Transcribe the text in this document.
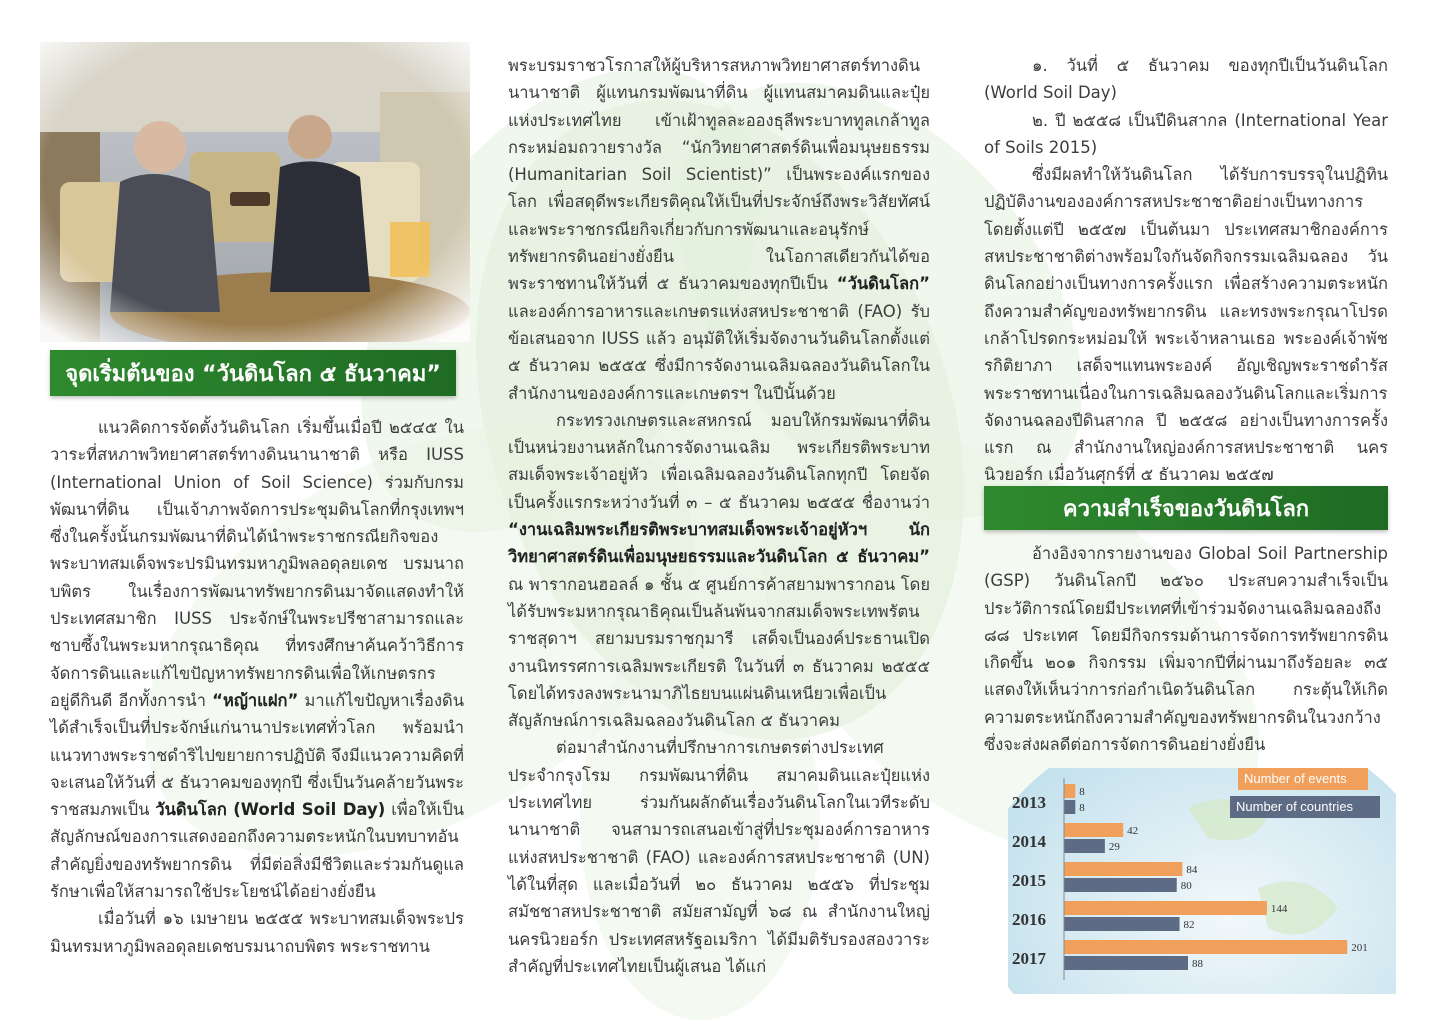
จุดเริ่มต้นของ “วันดินโลก ๕ ธันวาคม”
ความสำเร็จของวันดินโลก

แนวคิดการจัดตั้งวันดินโลก เริ่มขึ้นเมื่อปี ๒๕๔๕ ในวาระที่สหภาพวิทยาศาสตร์ทางดินนานาชาติ หรือ IUSS (International Union of Soil Science) ร่วมกับกรมพัฒนาที่ดิน เป็นเจ้าภาพจัดการประชุมดินโลกที่กรุงเทพฯ ซึ่งในครั้งนั้นกรมพัฒนาที่ดินได้นำพระราชกรณียกิจของพระบาทสมเด็จพระปรมินทรมหาภูมิพลอดุลยเดช บรมนาถบพิตร ในเรื่องการพัฒนาทรัพยากรดินมาจัดแสดงทำให้ประเทศสมาชิก IUSS ประจักษ์ในพระปรีชาสามารถและซาบซึ้งในพระมหากรุณาธิคุณ ที่ทรงศึกษาค้นคว้าวิธีการจัดการดินและแก้ไขปัญหาทรัพยากรดินเพื่อให้เกษตรกรอยู่ดีกินดี อีกทั้งการนำ “หญ้าแฝก” มาแก้ไขปัญหาเรื่องดินได้สำเร็จเป็นที่ประจักษ์แก่นานาประเทศทั่วโลก พร้อมนำแนวทางพระราชดำริไปขยายการปฏิบัติ จึงมีแนวความคิดที่จะเสนอให้วันที่ ๕ ธันวาคมของทุกปี ซึ่งเป็นวันคล้ายวันพระราชสมภพเป็น วันดินโลก (World Soil Day) เพื่อให้เป็นสัญลักษณ์ของการแสดงออกถึงความตระหนักในบทบาทอันสำคัญยิ่งของทรัพยากรดิน ที่มีต่อสิ่งมีชีวิตและร่วมกันดูแลรักษาเพื่อให้สามารถใช้ประโยชน์ได้อย่างยั่งยืน

เมื่อวันที่ ๑๖ เมษายน ๒๕๕๕ พระบาทสมเด็จพระปรมินทรมหาภูมิพลอดุลยเดชบรมนาถบพิตร พระราชทาน

พระบรมราชวโรกาสให้ผู้บริหารสหภาพวิทยาศาสตร์ทางดินนานาชาติ ผู้แทนกรมพัฒนาที่ดิน ผู้แทนสมาคมดินและปุ๋ยแห่งประเทศไทย เข้าเฝ้าทูลละอองธุลีพระบาททูลเกล้าทูลกระหม่อมถวายรางวัล “นักวิทยาศาสตร์ดินเพื่อมนุษยธรรม (Humanitarian Soil Scientist)” เป็นพระองค์แรกของโลก เพื่อสดุดีพระเกียรติคุณให้เป็นที่ประจักษ์ถึงพระวิสัยทัศน์และพระราชกรณียกิจเกี่ยวกับการพัฒนาและอนุรักษ์ทรัพยากรดินอย่างยั่งยืน ในโอกาสเดียวกันได้ขอพระราชทานให้วันที่ ๕ ธันวาคมของทุกปีเป็น “วันดินโลก” และองค์การอาหารและเกษตรแห่งสหประชาชาติ (FAO) รับข้อเสนอจาก IUSS แล้ว อนุมัติให้เริ่มจัดงานวันดินโลกตั้งแต่ ๕ ธันวาคม ๒๕๕๕ ซึ่งมีการจัดงานเฉลิมฉลองวันดินโลกในสำนักงานขององค์การและเกษตรฯ ในปีนั้นด้วย

กระทรวงเกษตรและสหกรณ์ มอบให้กรมพัฒนาที่ดินเป็นหน่วยงานหลักในการจัดงานเฉลิม พระเกียรติพระบาทสมเด็จพระเจ้าอยู่หัว เพื่อเฉลิมฉลองวันดินโลกทุกปี โดยจัดเป็นครั้งแรกระหว่างวันที่ ๓ – ๕ ธันวาคม ๒๕๕๕ ชื่องานว่า “งานเฉลิมพระเกียรติพระบาทสมเด็จพระเจ้าอยู่หัวฯ นักวิทยาศาสตร์ดินเพื่อมนุษยธรรมและวันดินโลก ๕ ธันวาคม” ณ พารากอนฮอลล์ ๑ ชั้น ๕ ศูนย์การค้าสยามพารากอน โดยได้รับพระมหากรุณาธิคุณเป็นล้นพ้นจากสมเด็จพระเทพรัตนราชสุดาฯ สยามบรมราชกุมารี เสด็จเป็นองค์ประธานเปิดงานนิทรรศการเฉลิมพระเกียรติ ในวันที่ ๓ ธันวาคม ๒๕๕๕ โดยได้ทรงลงพระนามาภิไธยบนแผ่นดินเหนียวเพื่อเป็นสัญลักษณ์การเฉลิมฉลองวันดินโลก ๕ ธันวาคม

ต่อมาสำนักงานที่ปรึกษาการเกษตรต่างประเทศประจำกรุงโรม กรมพัฒนาที่ดิน สมาคมดินและปุ๋ยแห่งประเทศไทย ร่วมกันผลักดันเรื่องวันดินโลกในเวทีระดับนานาชาติ จนสามารถเสนอเข้าสู่ที่ประชุมองค์การอาหารแห่งสหประชาชาติ (FAO) และองค์การสหประชาชาติ (UN) ได้ในที่สุด และเมื่อวันที่ ๒๐ ธันวาคม ๒๕๕๖ ที่ประชุมสมัชชาสหประชาชาติ สมัยสามัญที่ ๖๘ ณ สำนักงานใหญ่นครนิวยอร์ก ประเทศสหรัฐอเมริกา ได้มีมติรับรองสองวาระสำคัญที่ประเทศไทยเป็นผู้เสนอ ได้แก่

๑. วันที่ ๕ ธันวาคม ของทุกปีเป็นวันดินโลก (World Soil Day)

๒. ปี ๒๕๕๘ เป็นปีดินสากล (International Year of Soils 2015)

ซึ่งมีผลทำให้วันดินโลก ได้รับการบรรจุในปฏิทินปฏิบัติงานขององค์การสหประชาชาติอย่างเป็นทางการ โดยตั้งแต่ปี ๒๕๕๗ เป็นต้นมา ประเทศสมาชิกองค์การสหประชาชาติต่างพร้อมใจกันจัดกิจกรรมเฉลิมฉลอง วันดินโลกอย่างเป็นทางการครั้งแรก เพื่อสร้างความตระหนักถึงความสำคัญของทรัพยากรดิน และทรงพระกรุณาโปรดเกล้าโปรดกระหม่อมให้ พระเจ้าหลานเธอ พระองค์เจ้าพัชรกิติยาภา เสด็จฯแทนพระองค์ อัญเชิญพระราชดำรัสพระราชทานเนื่องในการเฉลิมฉลองวันดินโลกและเริ่มการจัดงานฉลองปีดินสากล ปี ๒๕๕๘ อย่างเป็นทางการครั้งแรก ณ สำนักงานใหญ่องค์การสหประชาชาติ นครนิวยอร์ก เมื่อวันศุกร์ที่ ๕ ธันวาคม ๒๕๕๗

อ้างอิงจากรายงานของ Global Soil Partnership (GSP) วันดินโลกปี ๒๕๖๐ ประสบความสำเร็จเป็นประวัติการณ์โดยมีประเทศที่เข้าร่วมจัดงานเฉลิมฉลองถึง ๘๘ ประเทศ โดยมีกิจกรรมด้านการจัดการทรัพยากรดินเกิดขึ้น ๒๐๑ กิจกรรม เพิ่มจากปีที่ผ่านมาถึงร้อยละ ๓๕ แสดงให้เห็นว่าการก่อกำเนิดวันดินโลก กระตุ้นให้เกิดความตระหนักถึงความสำคัญของทรัพยากรดินในวงกว้าง ซึ่งจะส่งผลดีต่อการจัดการดินอย่างยั่งยืน

2013
8
8
2014
42
29
2015
84
80
2016
144
82
2017
201
88
Number of events
Number of countries
